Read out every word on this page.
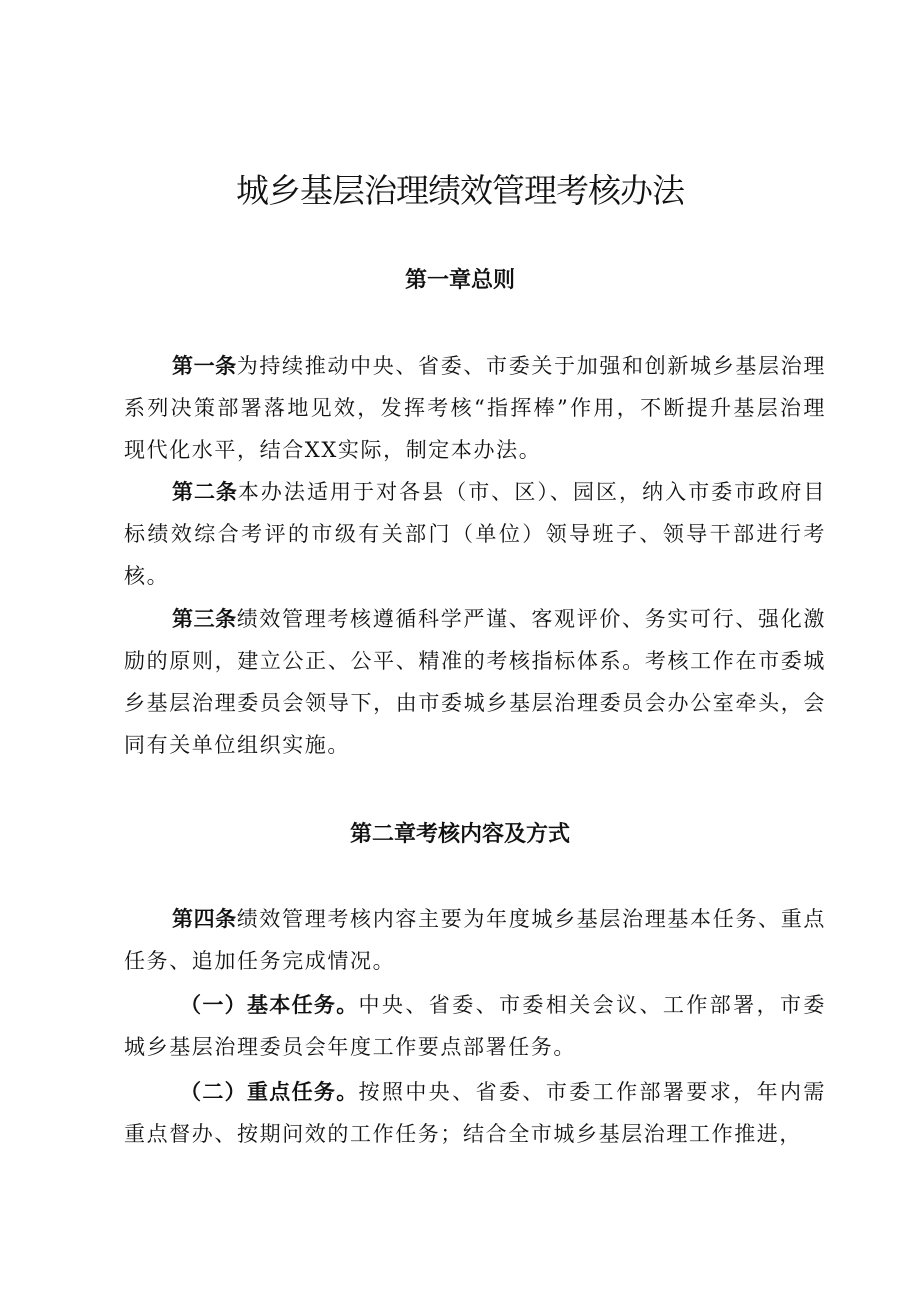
城乡基层治理绩效管理考核办法
第一章总则

第一条为持续推动中央、省委、市委关于加强和创新城乡基层治理系列决策部署落地见效，发挥考核“指挥棒”作用，不断提升基层治理现代化水平，结合XX实际，制定本办法。

第二条本办法适用于对各县（市、区）、园区，纳入市委市政府目标绩效综合考评的市级有关部门（单位）领导班子、领导干部进行考核。

第三条绩效管理考核遵循科学严谨、客观评价、务实可行、强化激励的原则，建立公正、公平、精准的考核指标体系。考核工作在市委城乡基层治理委员会领导下，由市委城乡基层治理委员会办公室牵头，会同有关单位组织实施。

第二章考核内容及方式

第四条绩效管理考核内容主要为年度城乡基层治理基本任务、重点任务、追加任务完成情况。

（一）基本任务。中央、省委、市委相关会议、工作部署，市委城乡基层治理委员会年度工作要点部署任务。

（二）重点任务。按照中央、省委、市委工作部署要求，年内需重点督办、按期问效的工作任务；结合全市城乡基层治理工作推进，
